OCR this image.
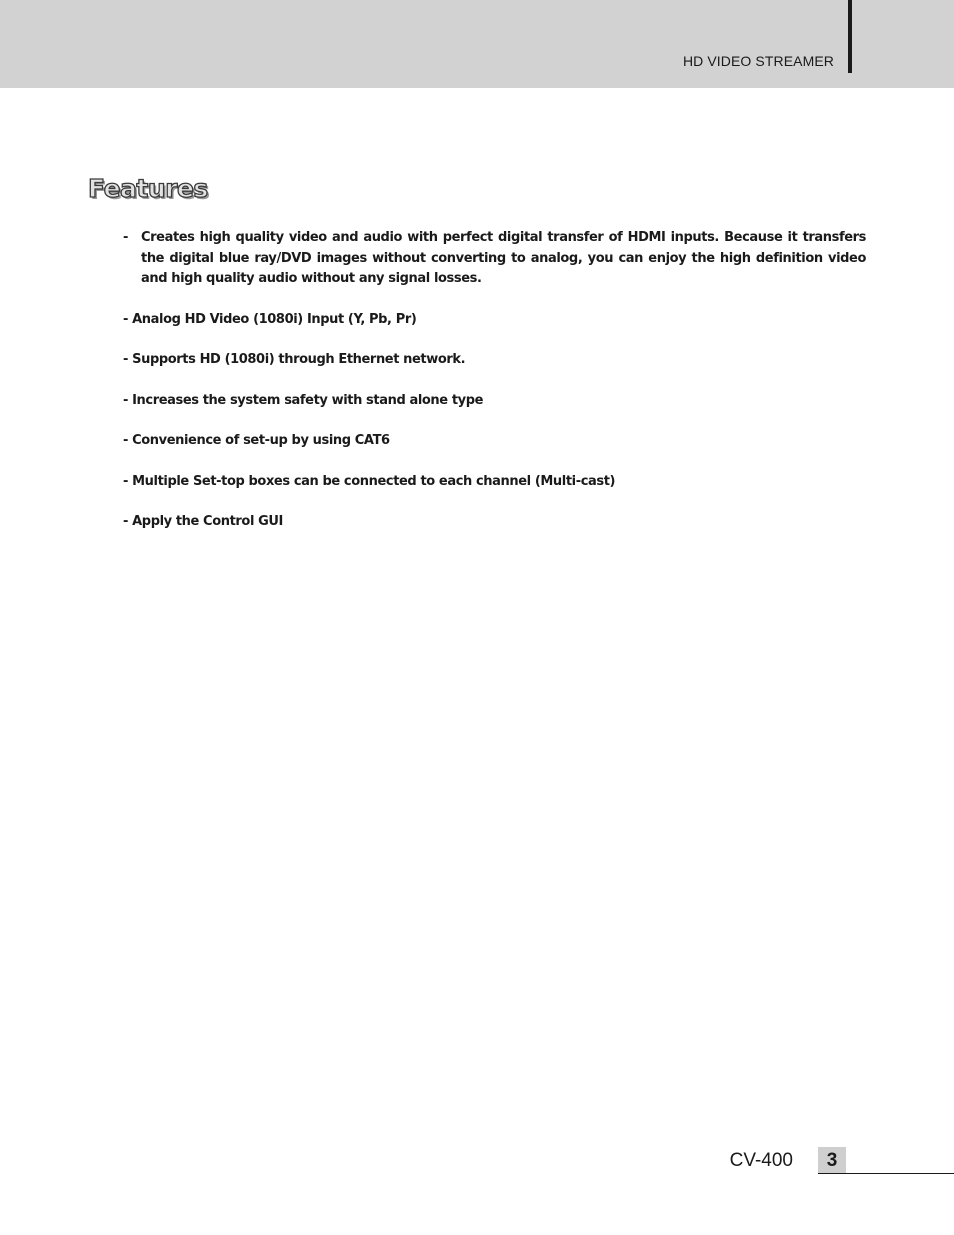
HD VIDEO STREAMER
Features
- Creates high quality video and audio with perfect digital transfer of HDMI inputs. Because it transfers the digital blue ray/DVD images without converting to analog, you can enjoy the high definition video and high quality audio without any signal losses.
- Analog HD Video (1080i) Input (Y, Pb, Pr)
- Supports HD (1080i) through Ethernet network.
- Increases the system safety with stand alone type
- Convenience of set-up by using CAT6
- Multiple Set-top boxes can be connected to each channel (Multi-cast)
- Apply the Control GUI
CV-400	3
